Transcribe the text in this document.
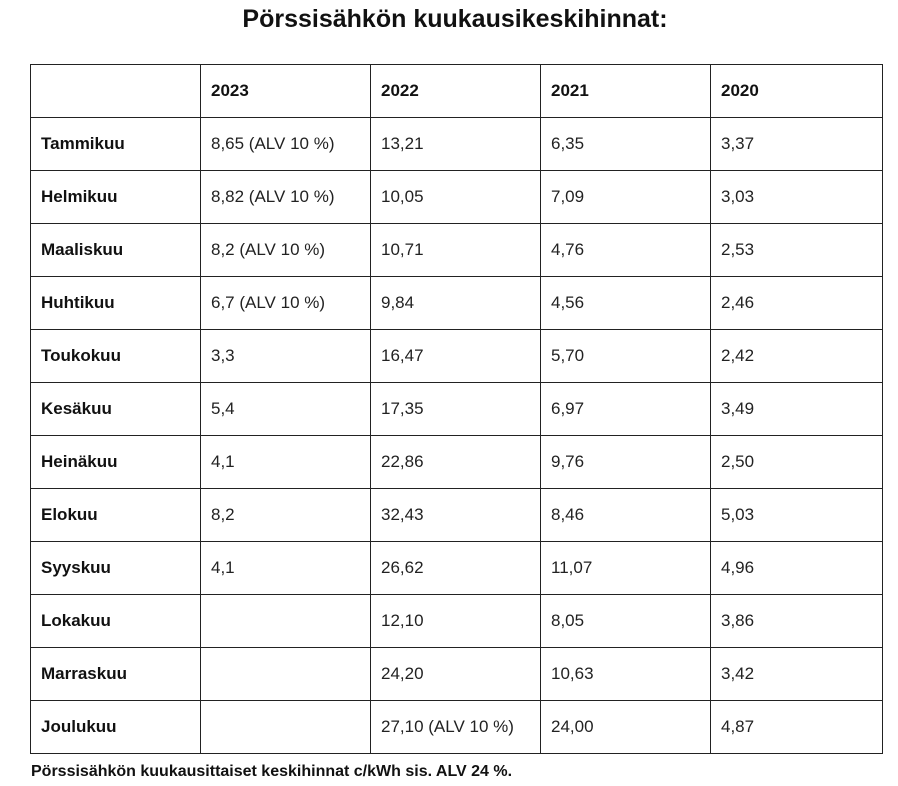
Pörssisähkön kuukausikeskihinnat:
	2023	2022	2021	2020
Tammikuu	8,65 (ALV 10 %)	13,21	6,35	3,37
Helmikuu	8,82 (ALV 10 %)	10,05	7,09	3,03
Maaliskuu	8,2 (ALV 10 %)	10,71	4,76	2,53
Huhtikuu	6,7 (ALV 10 %)	9,84	4,56	2,46
Toukokuu	3,3	16,47	5,70	2,42
Kesäkuu	5,4	17,35	6,97	3,49
Heinäkuu	4,1	22,86	9,76	2,50
Elokuu	8,2	32,43	8,46	5,03
Syyskuu	4,1	26,62	11,07	4,96
Lokakuu		12,10	8,05	3,86
Marraskuu		24,20	10,63	3,42
Joulukuu		27,10 (ALV 10 %)	24,00	4,87
Pörssisähkön kuukausittaiset keskihinnat c/kWh sis. ALV 24 %.
